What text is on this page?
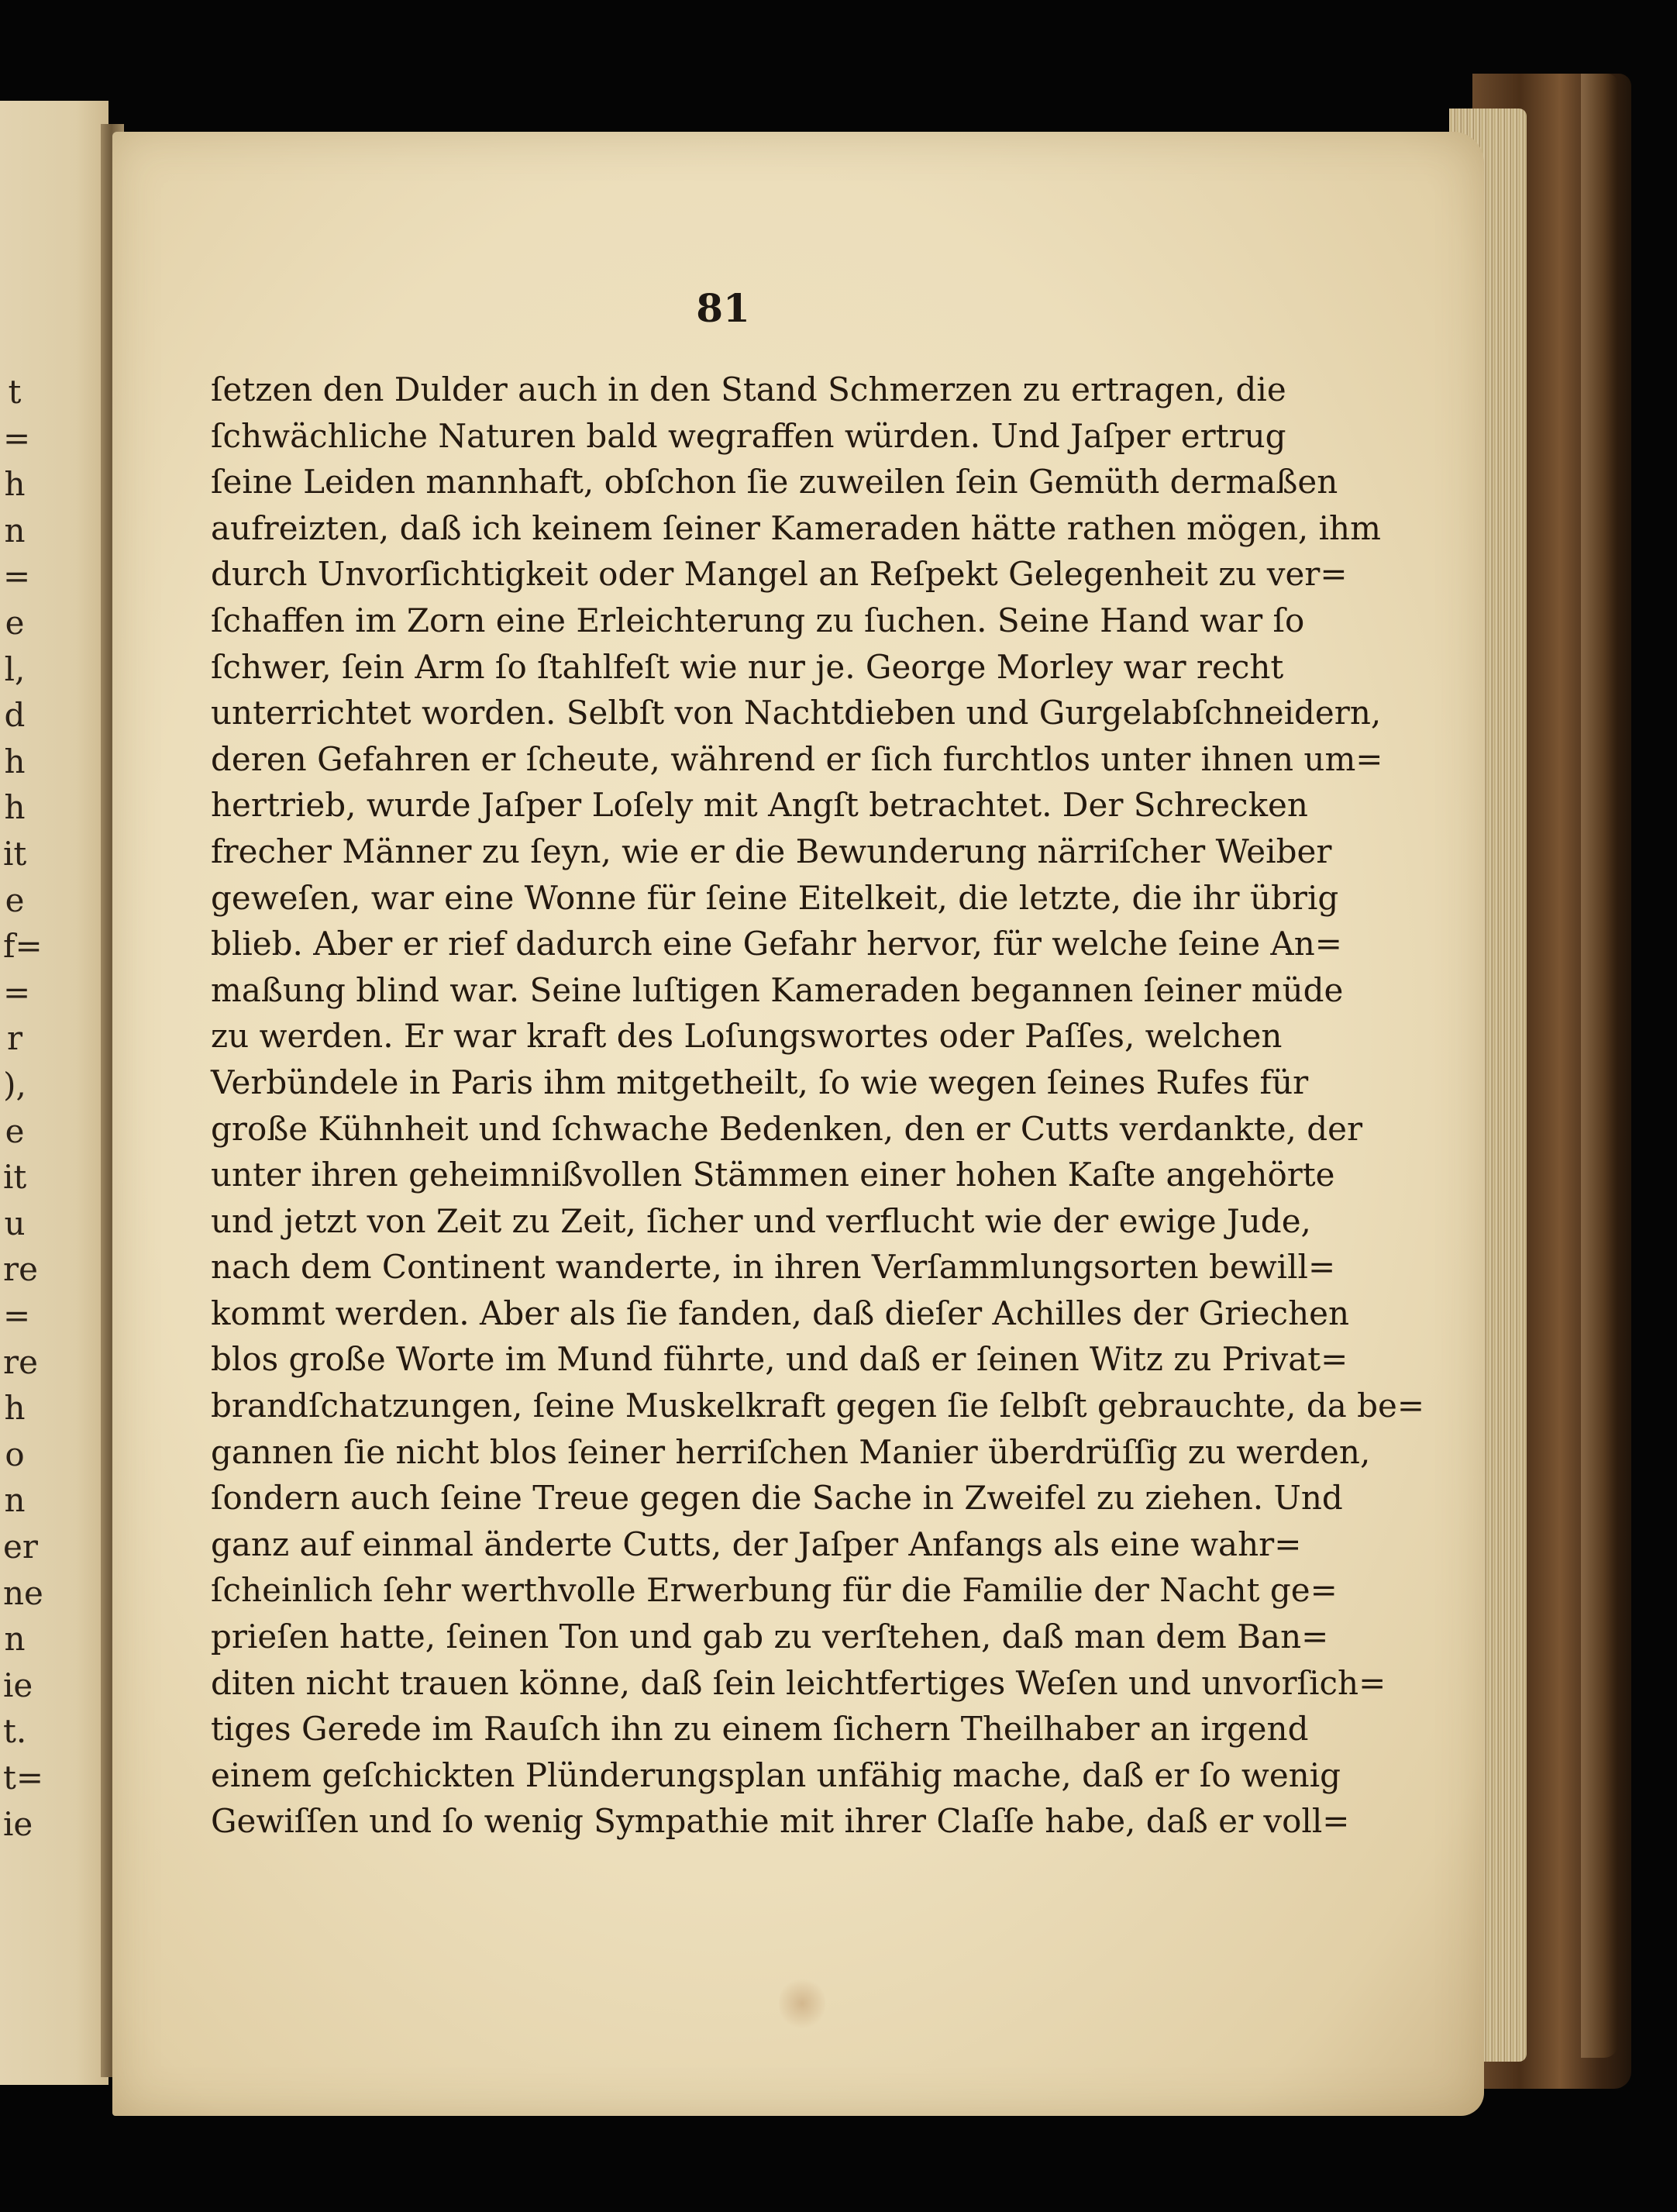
t
=
h
n
=
e
l,
d
h
h
it
e
f=
=
r
),
e
it
u
re
=
re
h
o
n
er
ne
n
ie
t.
t=
ie
81
ſetzen den Dulder auch in den Stand Schmerzen zu ertragen, die
ſchwächliche Naturen bald wegraffen würden. Und Jaſper ertrug
ſeine Leiden mannhaft, obſchon ſie zuweilen ſein Gemüth dermaßen
aufreizten, daß ich keinem ſeiner Kameraden hätte rathen mögen, ihm
durch Unvorſichtigkeit oder Mangel an Reſpekt Gelegenheit zu ver=
ſchaffen im Zorn eine Erleichterung zu ſuchen. Seine Hand war ſo
ſchwer, ſein Arm ſo ſtahlfeſt wie nur je. George Morley war recht
unterrichtet worden. Selbſt von Nachtdieben und Gurgelabſchneidern,
deren Gefahren er ſcheute, während er ſich furchtlos unter ihnen um=
hertrieb, wurde Jaſper Loſely mit Angſt betrachtet. Der Schrecken
frecher Männer zu ſeyn, wie er die Bewunderung närriſcher Weiber
geweſen, war eine Wonne für ſeine Eitelkeit, die letzte, die ihr übrig
blieb. Aber er rief dadurch eine Gefahr hervor, für welche ſeine An=
maßung blind war. Seine luſtigen Kameraden begannen ſeiner müde
zu werden. Er war kraft des Loſungswortes oder Paſſes, welchen
Verbündele in Paris ihm mitgetheilt, ſo wie wegen ſeines Rufes für
große Kühnheit und ſchwache Bedenken, den er Cutts verdankte, der
unter ihren geheimnißvollen Stämmen einer hohen Kaſte angehörte
und jetzt von Zeit zu Zeit, ſicher und verflucht wie der ewige Jude,
nach dem Continent wanderte, in ihren Verſammlungsorten bewill=
kommt werden. Aber als ſie fanden, daß dieſer Achilles der Griechen
blos große Worte im Mund führte, und daß er ſeinen Witz zu Privat=
brandſchatzungen, ſeine Muskelkraft gegen ſie ſelbſt gebrauchte, da be=
gannen ſie nicht blos ſeiner herriſchen Manier überdrüſſig zu werden,
ſondern auch ſeine Treue gegen die Sache in Zweifel zu ziehen. Und
ganz auf einmal änderte Cutts, der Jaſper Anfangs als eine wahr=
ſcheinlich ſehr werthvolle Erwerbung für die Familie der Nacht ge=
prieſen hatte, ſeinen Ton und gab zu verſtehen, daß man dem Ban=
diten nicht trauen könne, daß ſein leichtfertiges Weſen und unvorſich=
tiges Gerede im Rauſch ihn zu einem ſichern Theilhaber an irgend
einem geſchickten Plünderungsplan unfähig mache, daß er ſo wenig
Gewiſſen und ſo wenig Sympathie mit ihrer Claſſe habe, daß er voll=
